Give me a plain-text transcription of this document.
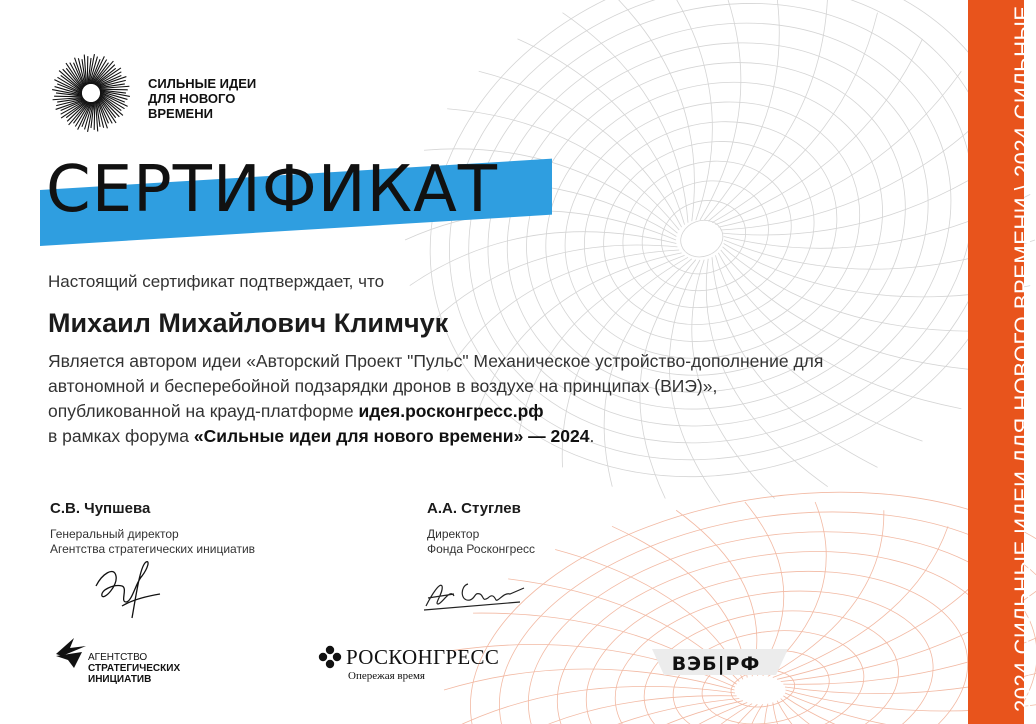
2024 СИЛЬНЫЕ ИДЕИ ДЛЯ НОВОГО ВРЕМЕНИ \ 2024 СИЛЬНЫЕ
СИЛЬНЫЕ ИДЕИ
ДЛЯ НОВОГО
ВРЕМЕНИ
СЕРТИФИКАТ
Настоящий сертификат подтверждает, что
Михаил Михайлович Климчук
Является автором идеи «Авторский Проект "Пульс" Механическое устройство-дополнение для автономной и бесперебойной подзарядки дронов в воздухе на принципах (ВИЭ)», опубликованной на крауд-платформе идея.росконгресс.рф
в рамках форума «Сильные идеи для нового времени» — 2024.
С.В. Чупшева
Генеральный директор
Агентства стратегических инициатив
А.А. Стуглев
Директор
Фонда Росконгресс
АГЕНТСТВО
СТРАТЕГИЧЕСКИХ
ИНИЦИАТИВ
РОСКОНГРЕСС
Опережая время
ВЭБ|РФ
